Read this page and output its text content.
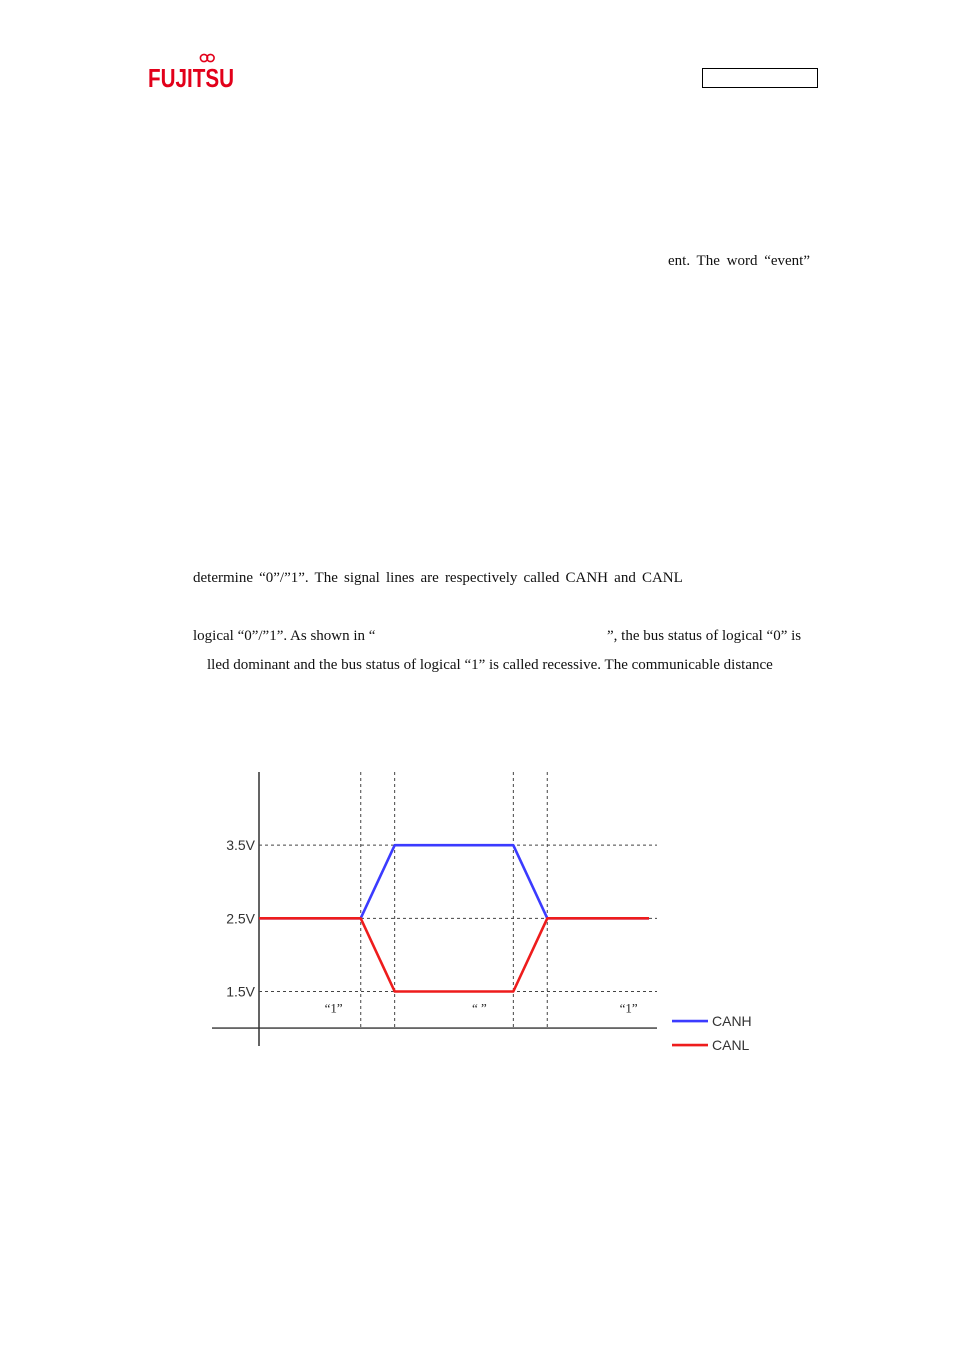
FUJITSU

ent. The word “event”

determine “0”/”1”. The signal lines are respectively called CANH and CANL

logical “0”/”1”. As shown in “	”, the bus status of logical “0” is

lled dominant and the bus status of logical “1” is called recessive. The communicable distance

3.5V
2.5V
1.5V
“1”	“ ”	“1”
CANH
CANL
